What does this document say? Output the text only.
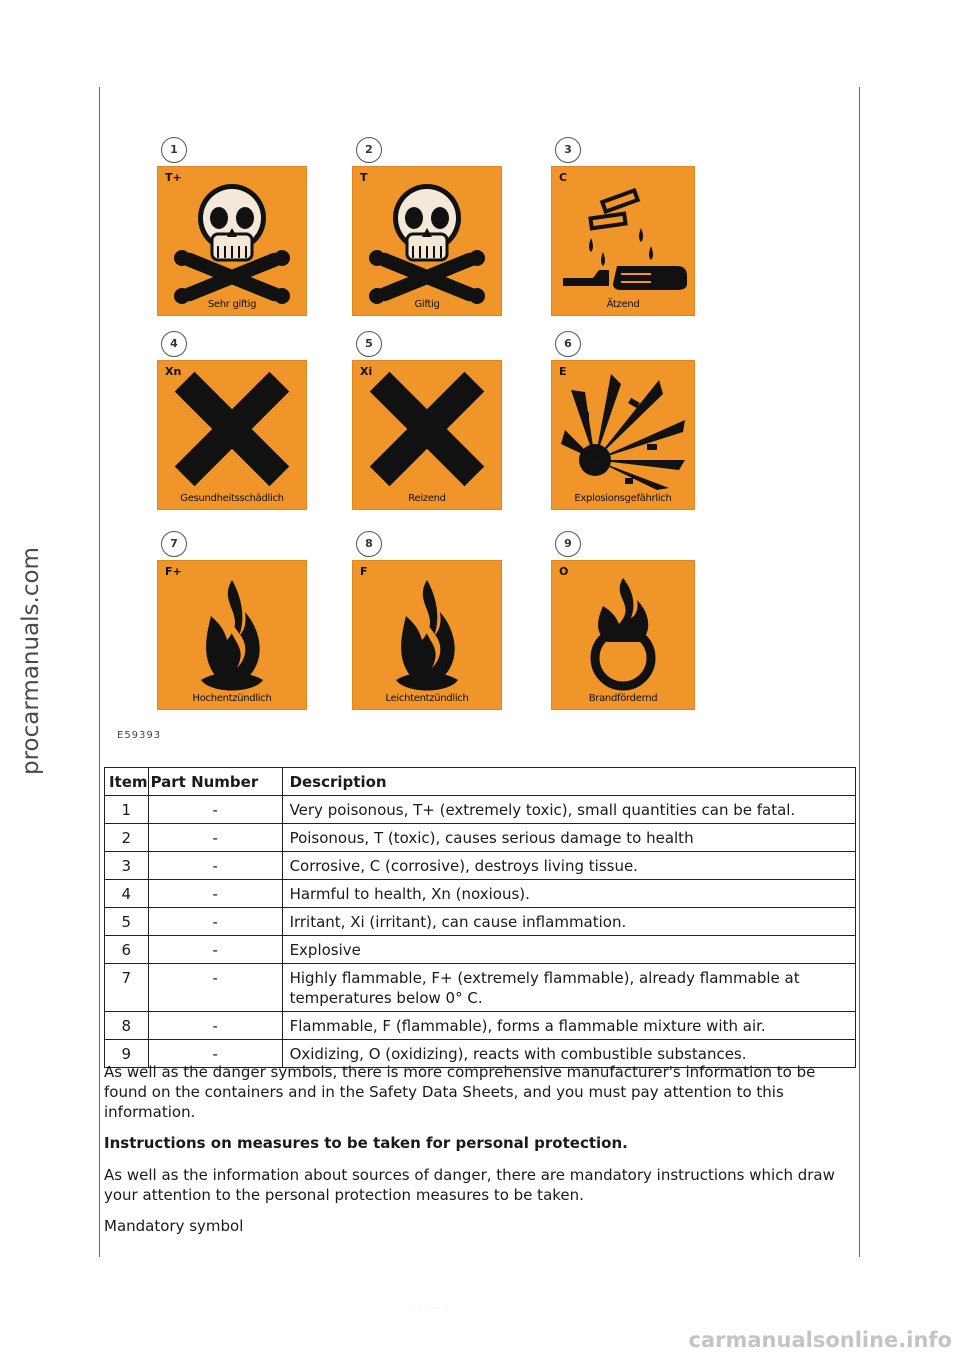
procarmanuals.com
carmanualsonline.info
· · · · ·
1
T+
Sehr giftig
2
T
Giftig
3
C
Ätzend
4
Xn
Gesundheitsschädlich
5
Xi
Reizend
6
E
Explosionsgefährlich
7
F+
Hochentzündlich
8
F
Leichtentzündlich
9
O
Brandfördernd
E59393
Item	Part Number	Description
1	-	Very poisonous, T+ (extremely toxic), small quantities can be fatal.
2	-	Poisonous, T (toxic), causes serious damage to health
3	-	Corrosive, C (corrosive), destroys living tissue.
4	-	Harmful to health, Xn (noxious).
5	-	Irritant, Xi (irritant), can cause inflammation.
6	-	Explosive
7	-	Highly flammable, F+ (extremely flammable), already flammable at temperatures below 0° C.
8	-	Flammable, F (flammable), forms a flammable mixture with air.
9	-	Oxidizing, O (oxidizing), reacts with combustible substances.
As well as the danger symbols, there is more comprehensive manufacturer's information to be found on the containers and in the Safety Data Sheets, and you must pay attention to this information.
Instructions on measures to be taken for personal protection.
As well as the information about sources of danger, there are mandatory instructions which draw your attention to the personal protection measures to be taken.
Mandatory symbol
